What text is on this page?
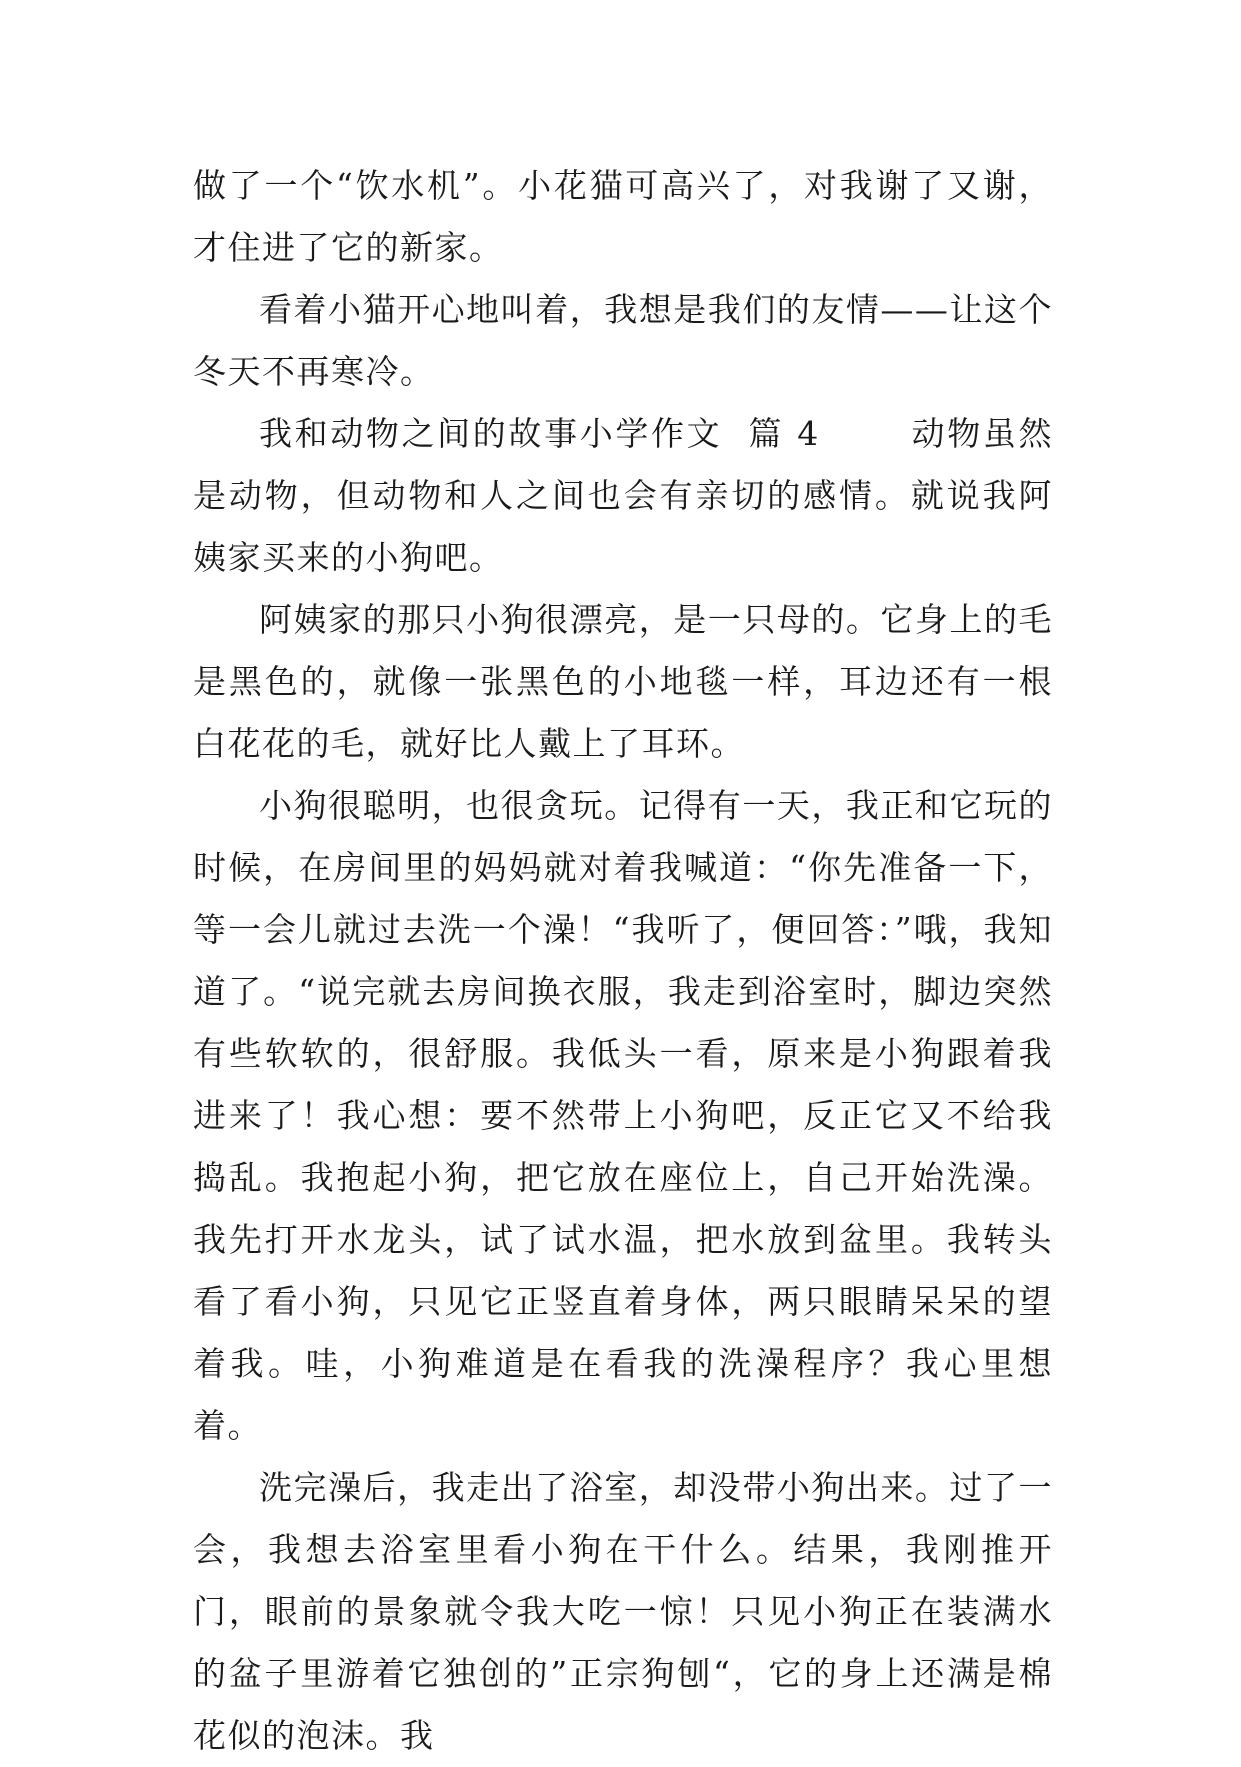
做了一个“饮水机”。小花猫可高兴了，对我谢了又谢，才住进了它的新家。

看着小猫开心地叫着，我想是我们的友情——让这个冬天不再寒冷。

我和动物之间的故事小学作文  篇 4       动物虽然是动物，但动物和人之间也会有亲切的感情。就说我阿姨家买来的小狗吧。

阿姨家的那只小狗很漂亮，是一只母的。它身上的毛是黑色的，就像一张黑色的小地毯一样，耳边还有一根白花花的毛，就好比人戴上了耳环。

小狗很聪明，也很贪玩。记得有一天，我正和它玩的时候，在房间里的妈妈就对着我喊道：“你先准备一下，等一会儿就过去洗一个澡！“我听了，便回答：”哦，我知道了。“说完就去房间换衣服，我走到浴室时，脚边突然有些软软的，很舒服。我低头一看，原来是小狗跟着我进来了！我心想：要不然带上小狗吧，反正它又不给我捣乱。我抱起小狗，把它放在座位上，自己开始洗澡。我先打开水龙头，试了试水温，把水放到盆里。我转头看了看小狗，只见它正竖直着身体，两只眼睛呆呆的望着我。哇，小狗难道是在看我的洗澡程序？我心里想着。

洗完澡后，我走出了浴室，却没带小狗出来。过了一会，我想去浴室里看小狗在干什么。结果，我刚推开门，眼前的景象就令我大吃一惊！只见小狗正在装满水的盆子里游着它独创的”正宗狗刨“，它的身上还满是棉花似的泡沫。我
